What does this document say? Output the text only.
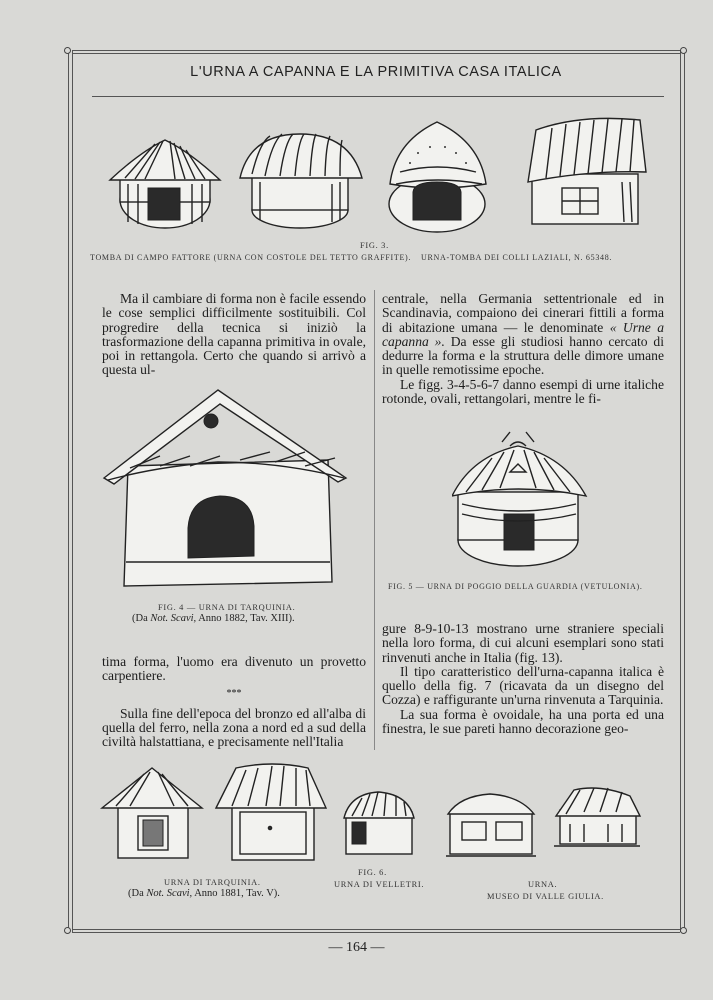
L'URNA A CAPANNA E LA PRIMITIVA CASA ITALICA
FIG. 3.
TOMBA DI CAMPO FATTORE (URNA CON COSTOLE DEL TETTO GRAFFITE). URNA-TOMBA DEI COLLI LAZIALI, N. 65348.

Ma il cambiare di forma non è facile essendo le cose semplici difficilmente sostituibili. Col progredire della tecnica si iniziò la trasformazione della capanna primitiva in ovale, poi in rettangola. Certo che quando si arrivò a questa ul-

FIG. 4 — URNA DI TARQUINIA.
(Da Not. Scavi, Anno 1882, Tav. XIII).

tima forma, l'uomo era divenuto un provetto carpentiere.

***

Sulla fine dell'epoca del bronzo ed all'alba di quella del ferro, nella zona a nord ed a sud della civiltà halstattiana, e precisamente nell'Italia

centrale, nella Germania settentrionale ed in Scandinavia, compaiono dei cinerari fittili a forma di abitazione umana — le denominate « Urne a capanna ». Da esse gli studiosi hanno cercato di dedurre la forma e la struttura delle dimore umane in quelle remotissime epoche.

Le figg. 3-4-5-6-7 danno esempi di urne italiche rotonde, ovali, rettangolari, mentre le fi-

FIG. 5 — URNA DI POGGIO DELLA GUARDIA (VETULONIA).

gure 8-9-10-13 mostrano urne straniere speciali nella loro forma, di cui alcuni esemplari sono stati rinvenuti anche in Italia (fig. 13).

Il tipo caratteristico dell'urna-capanna italica è quello della fig. 7 (ricavata da un disegno del Cozza) e raffigurante un'urna rinvenuta a Tarquinia.

La sua forma è ovoidale, ha una porta ed una finestra, le sue pareti hanno decorazione geo-

URNA DI TARQUINIA.
(Da Not. Scavi, Anno 1881, Tav. V).
FIG. 6.
URNA DI VELLETRI.	URNA.
MUSEO DI VALLE GIULIA.
— 164 —
